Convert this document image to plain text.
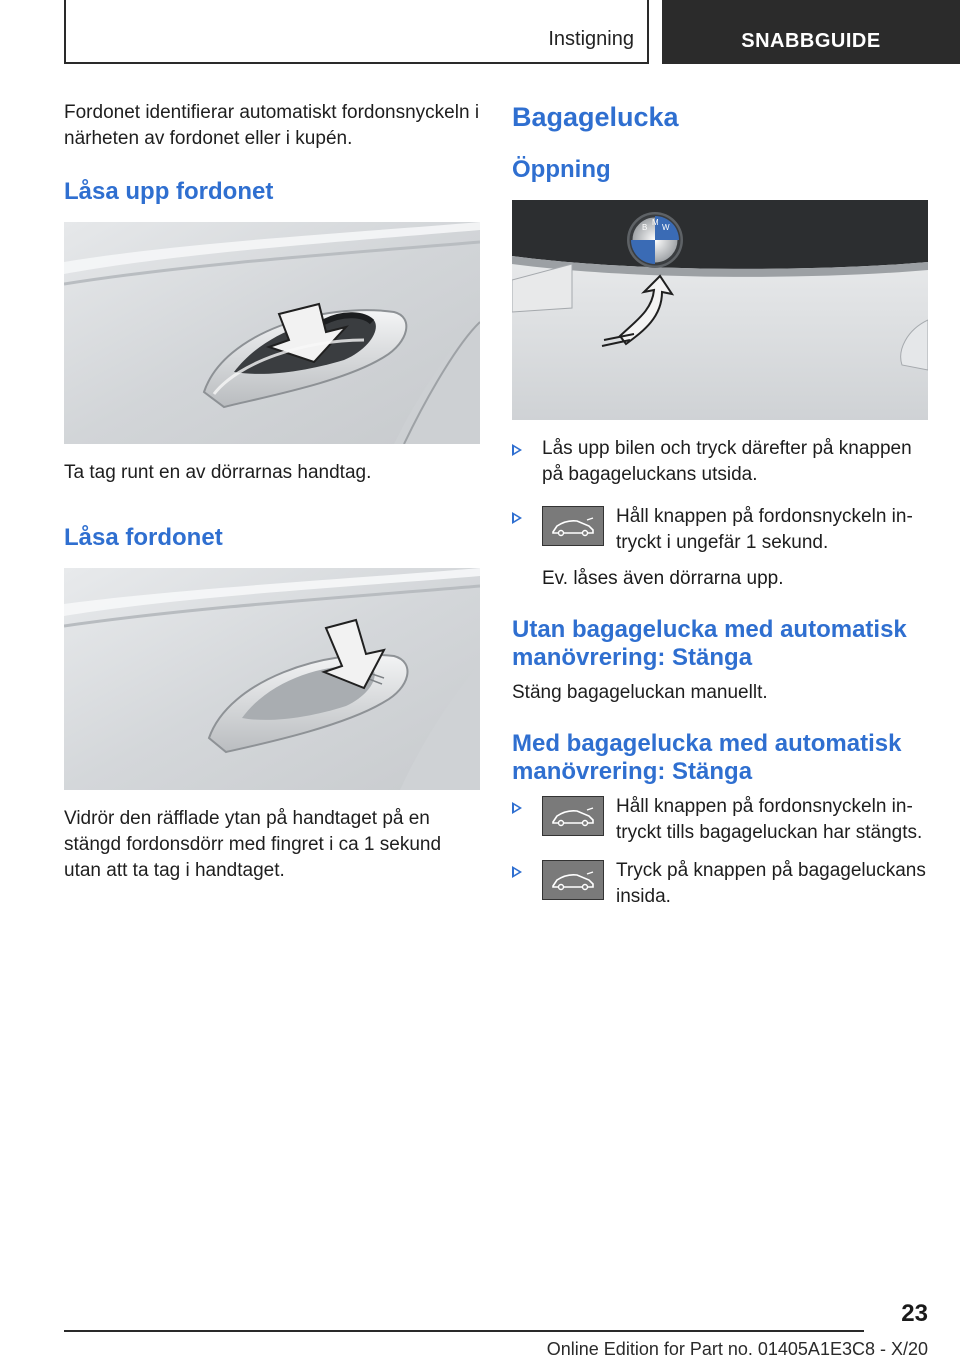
Instigning	SNABBGUIDE

Fordonet identifierar automatiskt fordonsnyckeln i närheten av fordonet eller i kupén.

Låsa upp fordonet

Ta tag runt en av dörrarnas handtag.

Låsa fordonet

Vidrör den räfflade ytan på handtaget på en stängd fordonsdörr med fingret i ca 1 sekund utan att ta tag i handtaget.

Bagagelucka
Öppning
B
M
W
Lås upp bilen och tryck därefter på knappen på bagageluckans utsida.
Håll knappen på fordonsnyckeln intryckt i ungefär 1 sekund.
Ev. låses även dörrarna upp.
Utan bagagelucka med automatisk manövrering: Stänga

Stäng bagageluckan manuellt.

Med bagagelucka med automatisk manövrering: Stänga
Håll knappen på fordonsnyckeln intryckt tills bagageluckan har stängts.
Tryck på knappen på bagageluckans insida.
23
Online Edition for Part no. 01405A1E3C8 - X/20
